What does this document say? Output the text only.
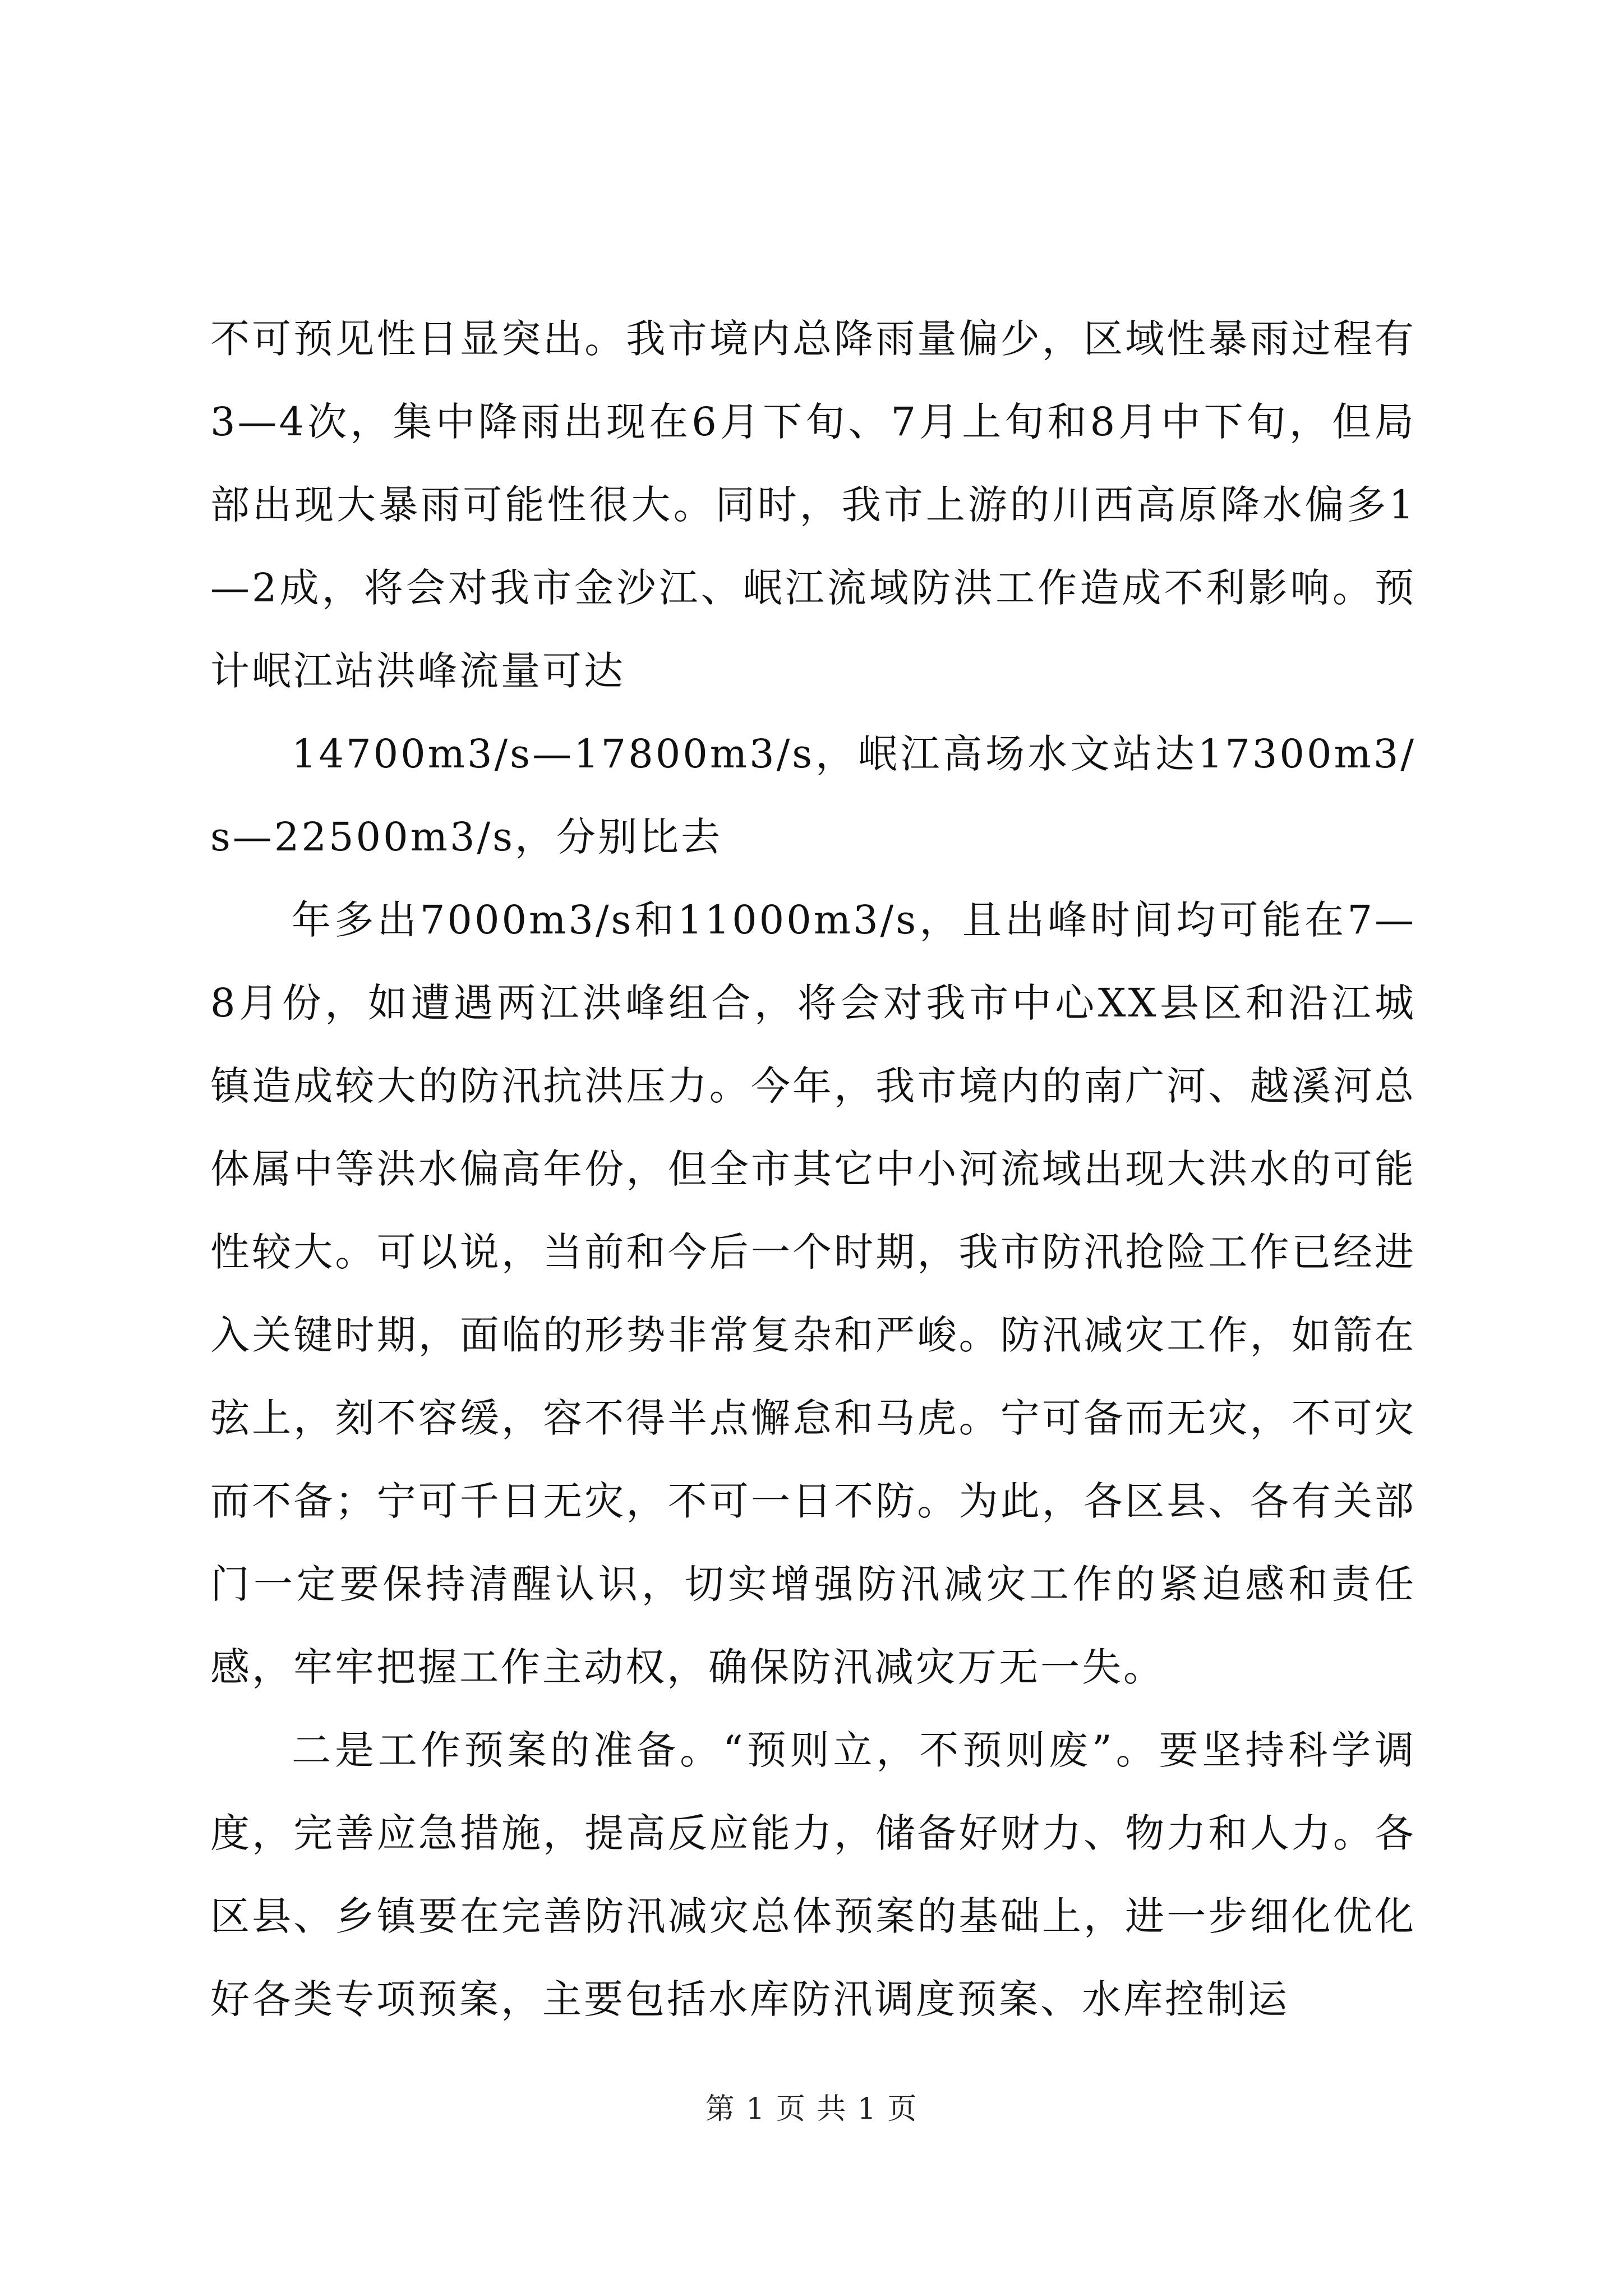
不可预见性日显突出。我市境内总降雨量偏少，区域性暴雨过程有3—4次，集中降雨出现在6月下旬、7月上旬和8月中下旬，但局部出现大暴雨可能性很大。同时，我市上游的川西高原降水偏多1—2成，将会对我市金沙江、岷江流域防洪工作造成不利影响。预计岷江站洪峰流量可达

14700m3/s—17800m3/s，岷江高场水文站达17300m3/s—22500m3/s，分别比去

年多出7000m3/s和11000m3/s，且出峰时间均可能在7—8月份，如遭遇两江洪峰组合，将会对我市中心XX县区和沿江城镇造成较大的防汛抗洪压力。今年，我市境内的南广河、越溪河总体属中等洪水偏高年份，但全市其它中小河流域出现大洪水的可能性较大。可以说，当前和今后一个时期，我市防汛抢险工作已经进入关键时期，面临的形势非常复杂和严峻。防汛减灾工作，如箭在弦上，刻不容缓，容不得半点懈怠和马虎。宁可备而无灾，不可灾而不备；宁可千日无灾，不可一日不防。为此，各区县、各有关部门一定要保持清醒认识，切实增强防汛减灾工作的紧迫感和责任感，牢牢把握工作主动权，确保防汛减灾万无一失。

二是工作预案的准备。“预则立，不预则废”。要坚持科学调度，完善应急措施，提高反应能力，储备好财力、物力和人力。各区县、乡镇要在完善防汛减灾总体预案的基础上，进一步细化优化好各类专项预案，主要包括水库防汛调度预案、水库控制运

第 1 页 共 1 页
